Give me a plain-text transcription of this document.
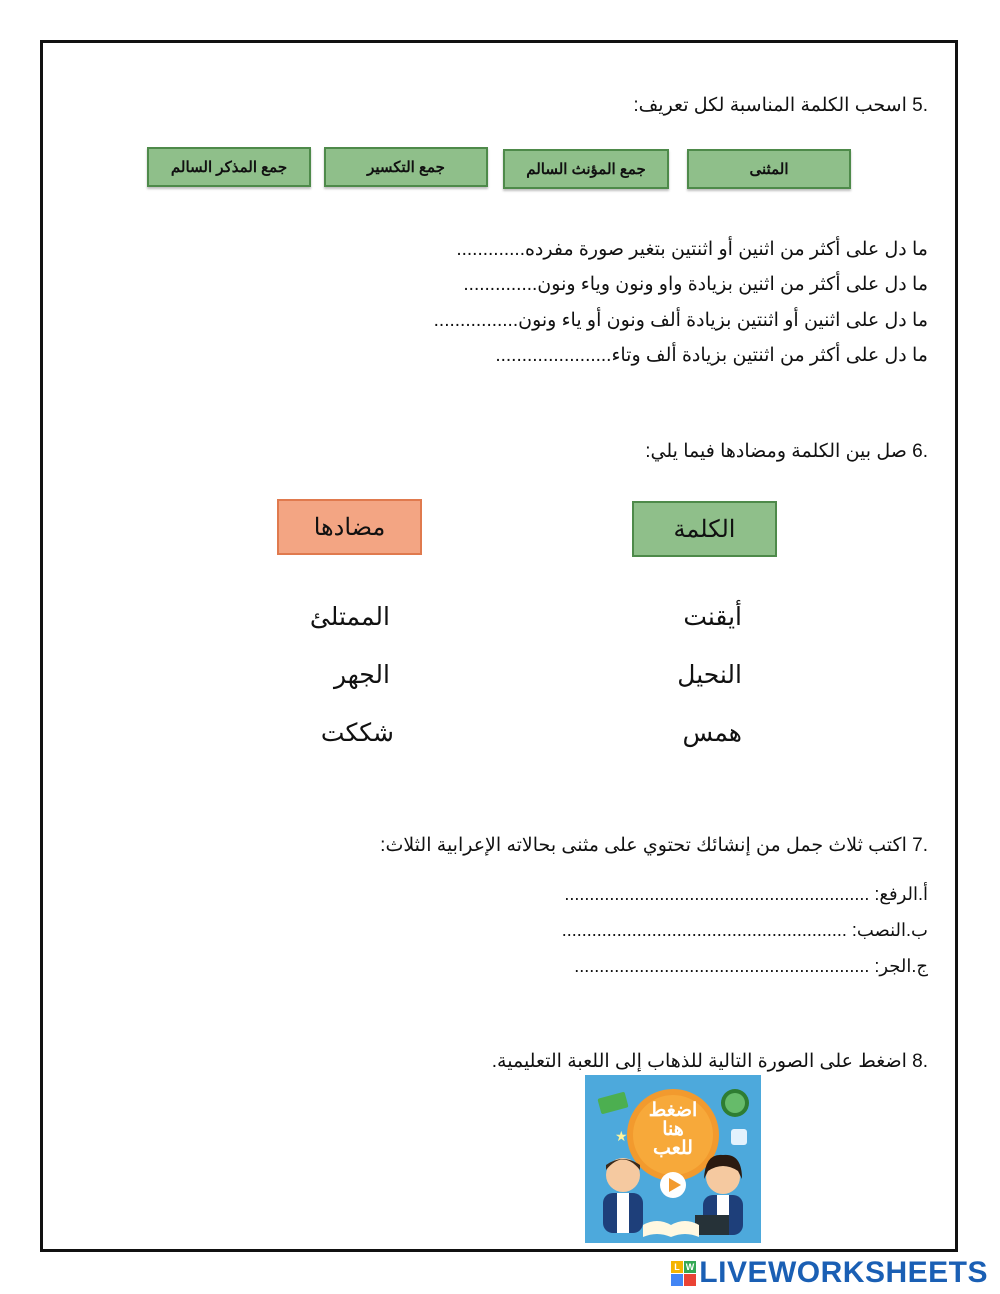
.5 اسحب الكلمة المناسبة لكل تعريف:
المثنى
جمع المؤنث السالم
جمع التكسير
جمع المذكر السالم
ما دل على أكثر من اثنين أو اثنتين بتغير صورة مفرده.............
ما دل على أكثر من اثنين بزيادة واو ونون وياء ونون..............
ما دل على اثنين أو اثنتين بزيادة ألف ونون أو ياء ونون................
ما دل على أكثر من اثنتين بزيادة ألف وتاء......................
.6 صل بين الكلمة ومضادها فيما يلي:
الكلمة
مضادها
أيقنت
النحيل
همس
الممتلئ
الجهر
شككت
.7 اكتب ثلاث جمل من إنشائك تحتوي على مثنى بحالاته الإعرابية الثلاث:
أ.الرفع: .............................................................
ب.النصب: .........................................................
ج.الجر: ...........................................................
.8 اضغط على الصورة التالية للذهاب إلى اللعبة التعليمية.
★
اضغط
هنا
للعب
L W LIVEWORKSHEETS
